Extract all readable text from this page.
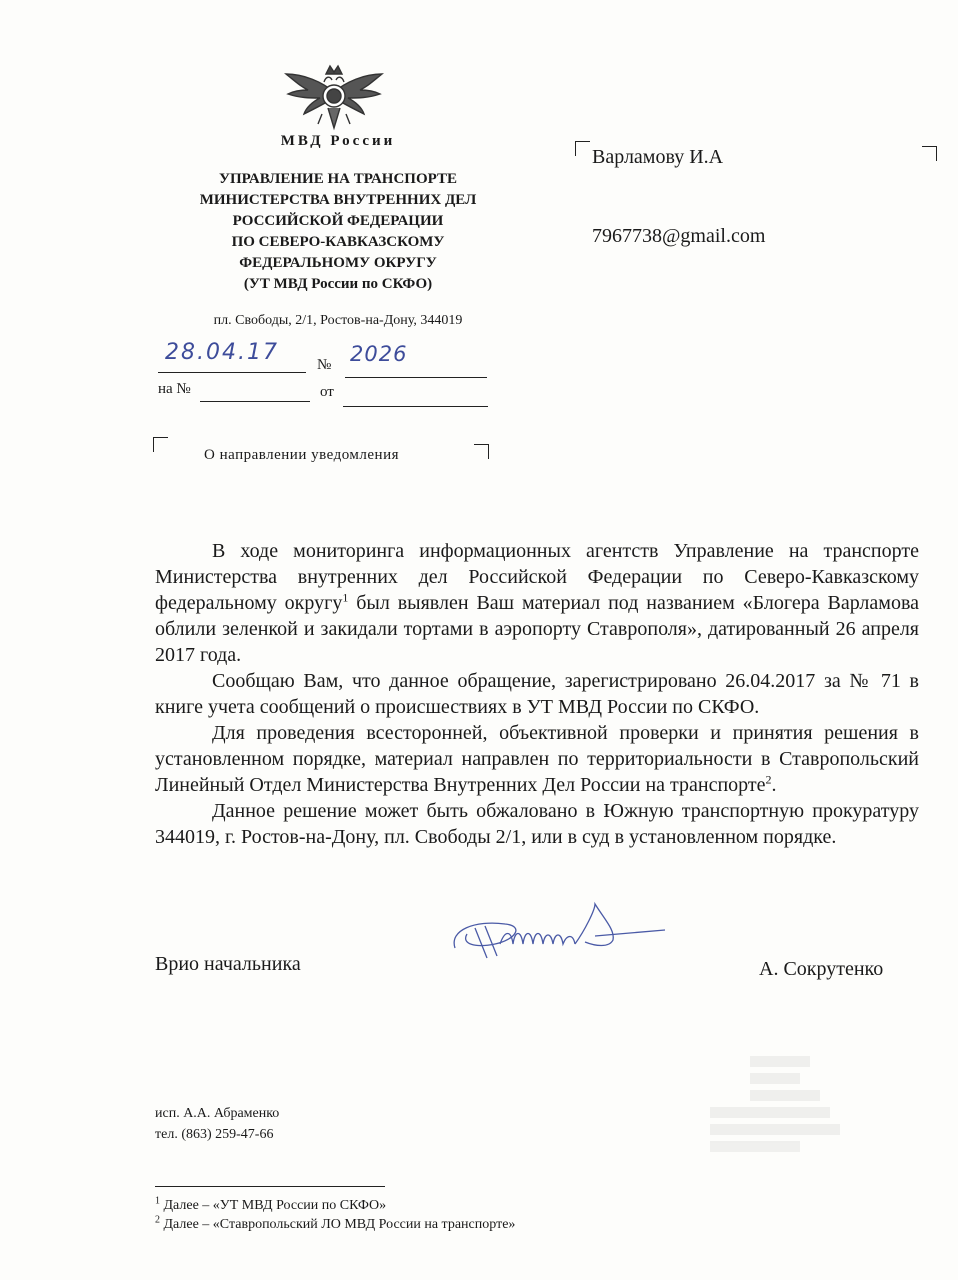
МВД России
УПРАВЛЕНИЕ НА ТРАНСПОРТЕ
МИНИСТЕРСТВА ВНУТРЕННИХ ДЕЛ
РОССИЙСКОЙ ФЕДЕРАЦИИ
ПО СЕВЕРО-КАВКАЗСКОМУ
ФЕДЕРАЛЬНОМУ ОКРУГУ
(УТ МВД России по СКФО)
пл. Свободы, 2/1, Ростов-на-Дону, 344019
28.04.17	№ 2026
на №	от
О направлении уведомления
Варламову И.А
7967738@gmail.com

В ходе мониторинга информационных агентств Управление на транспорте Министерства внутренних дел Российской Федерации по Северо-Кавказскому федеральному округу$^1$ был выявлен Ваш материал под названием «Блогера Варламова облили зеленкой и закидали тортами в аэропорту Ставрополя», датированный 26 апреля 2017 года.

Сообщаю Вам, что данное обращение, зарегистрировано 26.04.2017 за № 71 в книге учета сообщений о происшествиях в УТ МВД России по СКФО.

Для проведения всесторонней, объективной проверки и принятия решения в установленном порядке, материал направлен по территориальности в Ставропольский Линейный Отдел Министерства Внутренних Дел России на транспорте$^2$.

Данное решение может быть обжаловано в Южную транспортную прокуратуру 344019, г. Ростов-на-Дону, пл. Свободы 2/1, или в суд в установленном порядке.

Врио начальника	А. Сокрутенко
исп. А.А. Абраменко
тел. (863) 259-47-66
$^1$ Далее – «УТ МВД России по СКФО»
$^2$ Далее – «Ставропольский ЛО МВД России на транспорте»
